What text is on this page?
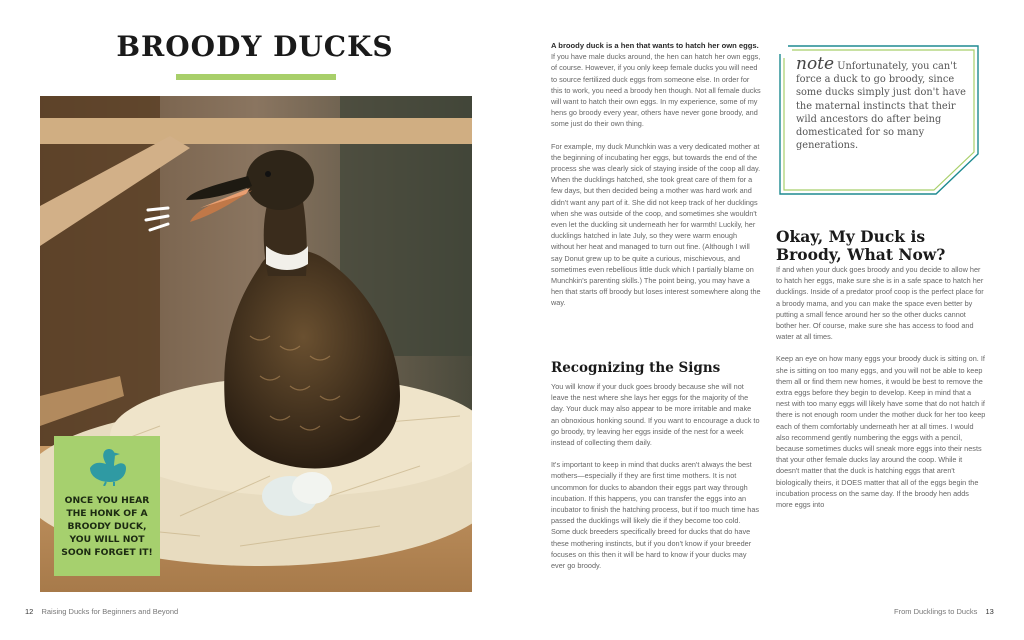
BROODY DUCKS
ONCE YOU HEAR THE HONK OF A BROODY DUCK, YOU WILL NOT SOON FORGET IT!
12 Raising Ducks for Beginners and Beyond

A broody duck is a hen that wants to hatch her own eggs. If you have male ducks around, the hen can hatch her own eggs, of course. However, if you only keep female ducks you will need to source fertilized duck eggs from someone else. In order for this to work, you need a broody hen though. Not all female ducks will want to hatch their own eggs. In my experience, some of my hens go broody every year, others have never gone broody, and some just do their own thing.

For example, my duck Munchkin was a very dedicated mother at the beginning of incubating her eggs, but towards the end of the process she was clearly sick of staying inside of the coop all day. When the ducklings hatched, she took great care of them for a few days, but then decided being a mother was hard work and didn't want any part of it. She did not keep track of her ducklings when she was outside of the coop, and sometimes she wouldn't even let the duckling sit underneath her for warmth! Luckily, her ducklings hatched in late July, so they were warm enough without her heat and managed to turn out fine. (Although I will say Donut grew up to be quite a curious, mischievous, and sometimes even rebellious little duck which I partially blame on Munchkin's parenting skills.) The point being, you may have a hen that starts off broody but loses interest somewhere along the way.

Recognizing the Signs

You will know if your duck goes broody because she will not leave the nest where she lays her eggs for the majority of the day. Your duck may also appear to be more irritable and make an obnoxious honking sound. If you want to encourage a duck to go broody, try leaving her eggs inside of the nest for a week instead of collecting them daily.

It's important to keep in mind that ducks aren't always the best mothers—especially if they are first time mothers. It is not uncommon for ducks to abandon their eggs part way through incubation. If this happens, you can transfer the eggs into an incubator to finish the hatching process, but if too much time has passed the ducklings will likely die if they become too cold. Some duck breeders specifically breed for ducks that do have these mothering instincts, but if you don't know if your breeder focuses on this then it will be hard to know if your ducks may ever go broody.

note Unfortunately, you can't force a duck to go broody, since some ducks simply just don't have the maternal instincts that their wild ancestors do after being domesticated for so many generations.
Okay, My Duck is Broody, What Now?

If and when your duck goes broody and you decide to allow her to hatch her eggs, make sure she is in a safe space to hatch her ducklings. Inside of a predator proof coop is the perfect place for a broody mama, and you can make the space even better by putting a small fence around her so the other ducks cannot bother her. Of course, make sure she has access to food and water at all times.

Keep an eye on how many eggs your broody duck is sitting on. If she is sitting on too many eggs, and you will not be able to keep them all or find them new homes, it would be best to remove the extra eggs before they begin to develop. Keep in mind that a nest with too many eggs will likely have some that do not hatch if there is not enough room under the mother duck for her too keep each of them comfortably underneath her at all times. I would also recommend gently numbering the eggs with a pencil, because sometimes ducks will sneak more eggs into their nests that your other female ducks lay around the coop. While it doesn't matter that the duck is hatching eggs that aren't biologically theirs, it DOES matter that all of the eggs begin the incubation process on the same day. If the broody hen adds more eggs into

From Ducklings to Ducks 13
